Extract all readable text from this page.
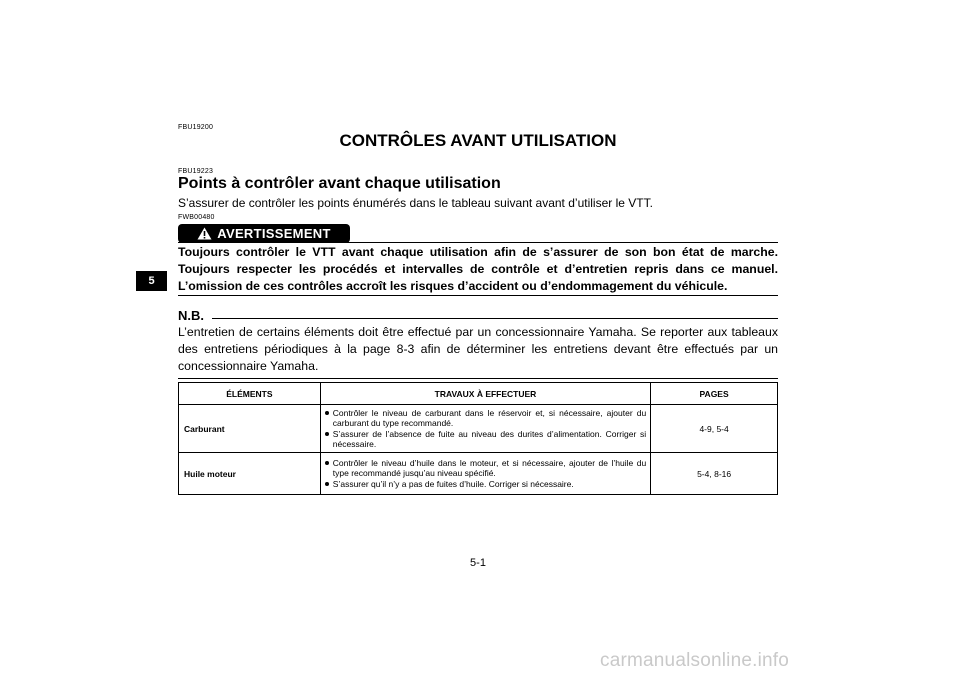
5
FBU19200
CONTRÔLES AVANT UTILISATION
FBU19223
Points à contrôler avant chaque utilisation
S’assurer de contrôler les points énumérés dans le tableau suivant avant d’utiliser le VTT.
FWB00480
AVERTISSEMENT
Toujours contrôler le VTT avant chaque utilisation afin de s’assurer de son bon état de marche. Toujours respecter les procédés et intervalles de contrôle et d’entretien repris dans ce manuel. L’omission de ces contrôles accroît les risques d’accident ou d’endommagement du véhicule.
N.B.
L’entretien de certains éléments doit être effectué par un concessionnaire Yamaha. Se reporter aux tableaux des entretiens périodiques à la page 8-3 afin de déterminer les entretiens devant être effectués par un concessionnaire Yamaha.
ÉLÉMENTS	TRAVAUX À EFFECTUER	PAGES
Carburant	Contrôler le niveau de carburant dans le réservoir et, si nécessaire, ajouter du carburant du type recommandé.
S’assurer de l’absence de fuite au niveau des durites d’alimentation. Corriger si nécessaire.	4-9, 5-4
Huile moteur	Contrôler le niveau d’huile dans le moteur, et si nécessaire, ajouter de l’huile du type recommandé jusqu’au niveau spécifié.
S’assurer qu’il n’y a pas de fuites d’huile. Corriger si nécessaire.	5-4, 8-16
5-1
carmanualsonline.info
